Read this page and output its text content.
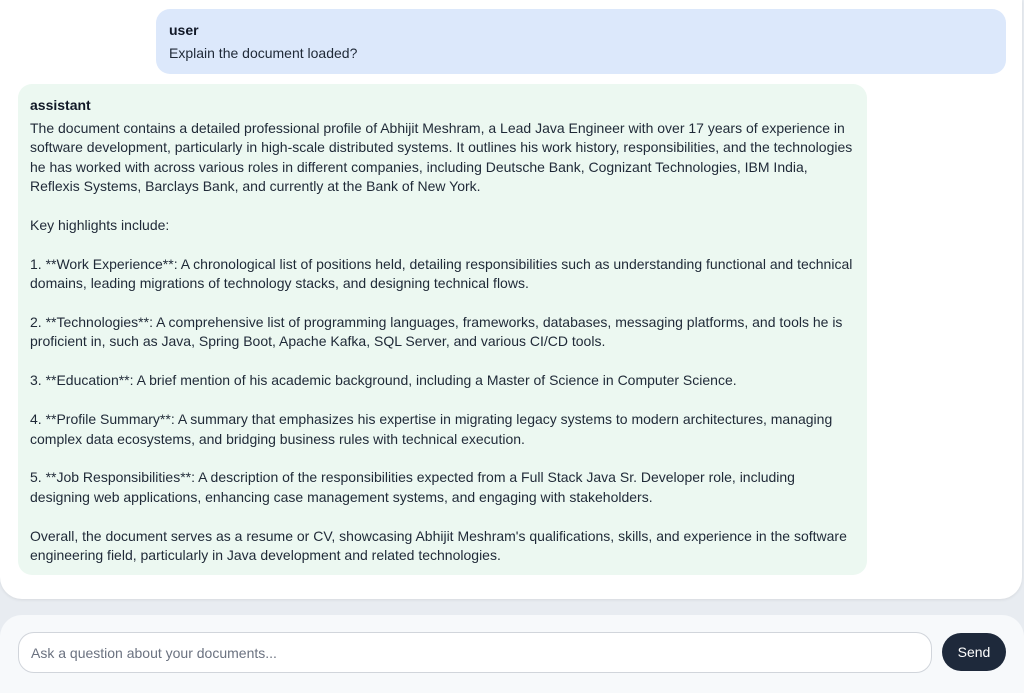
user

Explain the document loaded?

assistant

The document contains a detailed professional profile of Abhijit Meshram, a Lead Java Engineer with over 17 years of experience in software development, particularly in high-scale distributed systems. It outlines his work history, responsibilities, and the technologies he has worked with across various roles in different companies, including Deutsche Bank, Cognizant Technologies, IBM India, Reflexis Systems, Barclays Bank, and currently at the Bank of New York.

Key highlights include:

1. **Work Experience**: A chronological list of positions held, detailing responsibilities such as understanding functional and technical domains, leading migrations of technology stacks, and designing technical flows.

2. **Technologies**: A comprehensive list of programming languages, frameworks, databases, messaging platforms, and tools he is proficient in, such as Java, Spring Boot, Apache Kafka, SQL Server, and various CI/CD tools.

3. **Education**: A brief mention of his academic background, including a Master of Science in Computer Science.

4. **Profile Summary**: A summary that emphasizes his expertise in migrating legacy systems to modern architectures, managing complex data ecosystems, and bridging business rules with technical execution.

5. **Job Responsibilities**: A description of the responsibilities expected from a Full Stack Java Sr. Developer role, including designing web applications, enhancing case management systems, and engaging with stakeholders.

Overall, the document serves as a resume or CV, showcasing Abhijit Meshram's qualifications, skills, and experience in the software engineering field, particularly in Java development and related technologies.

Ask a question about your documents...
Send
